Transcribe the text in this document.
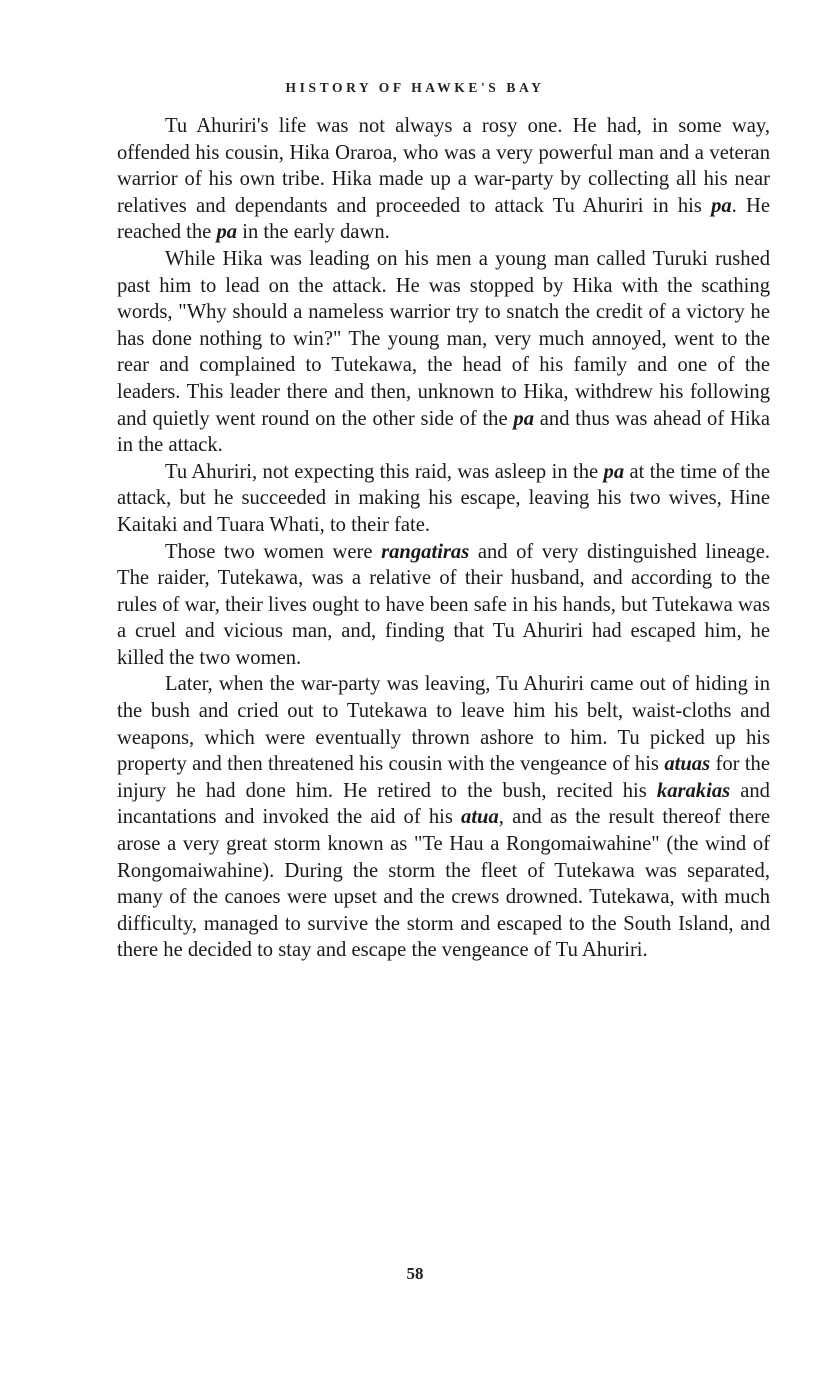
HISTORY OF HAWKE'S BAY

Tu Ahuriri's life was not always a rosy one. He had, in some way, offended his cousin, Hika Oraroa, who was a very powerful man and a veteran warrior of his own tribe. Hika made up a war-party by collecting all his near relatives and dependants and proceeded to attack Tu Ahuriri in his pa. He reached the pa in the early dawn.

While Hika was leading on his men a young man called Turuki rushed past him to lead on the attack. He was stopped by Hika with the scathing words, "Why should a nameless warrior try to snatch the credit of a victory he has done nothing to win?" The young man, very much annoyed, went to the rear and complained to Tutekawa, the head of his family and one of the leaders. This leader there and then, unknown to Hika, withdrew his following and quietly went round on the other side of the pa and thus was ahead of Hika in the attack.

Tu Ahuriri, not expecting this raid, was asleep in the pa at the time of the attack, but he succeeded in making his escape, leaving his two wives, Hine Kaitaki and Tuara Whati, to their fate.

Those two women were rangatiras and of very distinguished lineage. The raider, Tutekawa, was a relative of their husband, and according to the rules of war, their lives ought to have been safe in his hands, but Tutekawa was a cruel and vicious man, and, finding that Tu Ahuriri had escaped him, he killed the two women.

Later, when the war-party was leaving, Tu Ahuriri came out of hiding in the bush and cried out to Tutekawa to leave him his belt, waist-cloths and weapons, which were eventually thrown ashore to him. Tu picked up his property and then threatened his cousin with the vengeance of his atuas for the injury he had done him. He retired to the bush, recited his karakias and incantations and invoked the aid of his atua, and as the result thereof there arose a very great storm known as "Te Hau a Rongomaiwahine" (the wind of Rongomaiwahine). During the storm the fleet of Tutekawa was separated, many of the canoes were upset and the crews drowned. Tutekawa, with much difficulty, managed to survive the storm and escaped to the South Island, and there he decided to stay and escape the vengeance of Tu Ahuriri.

58
